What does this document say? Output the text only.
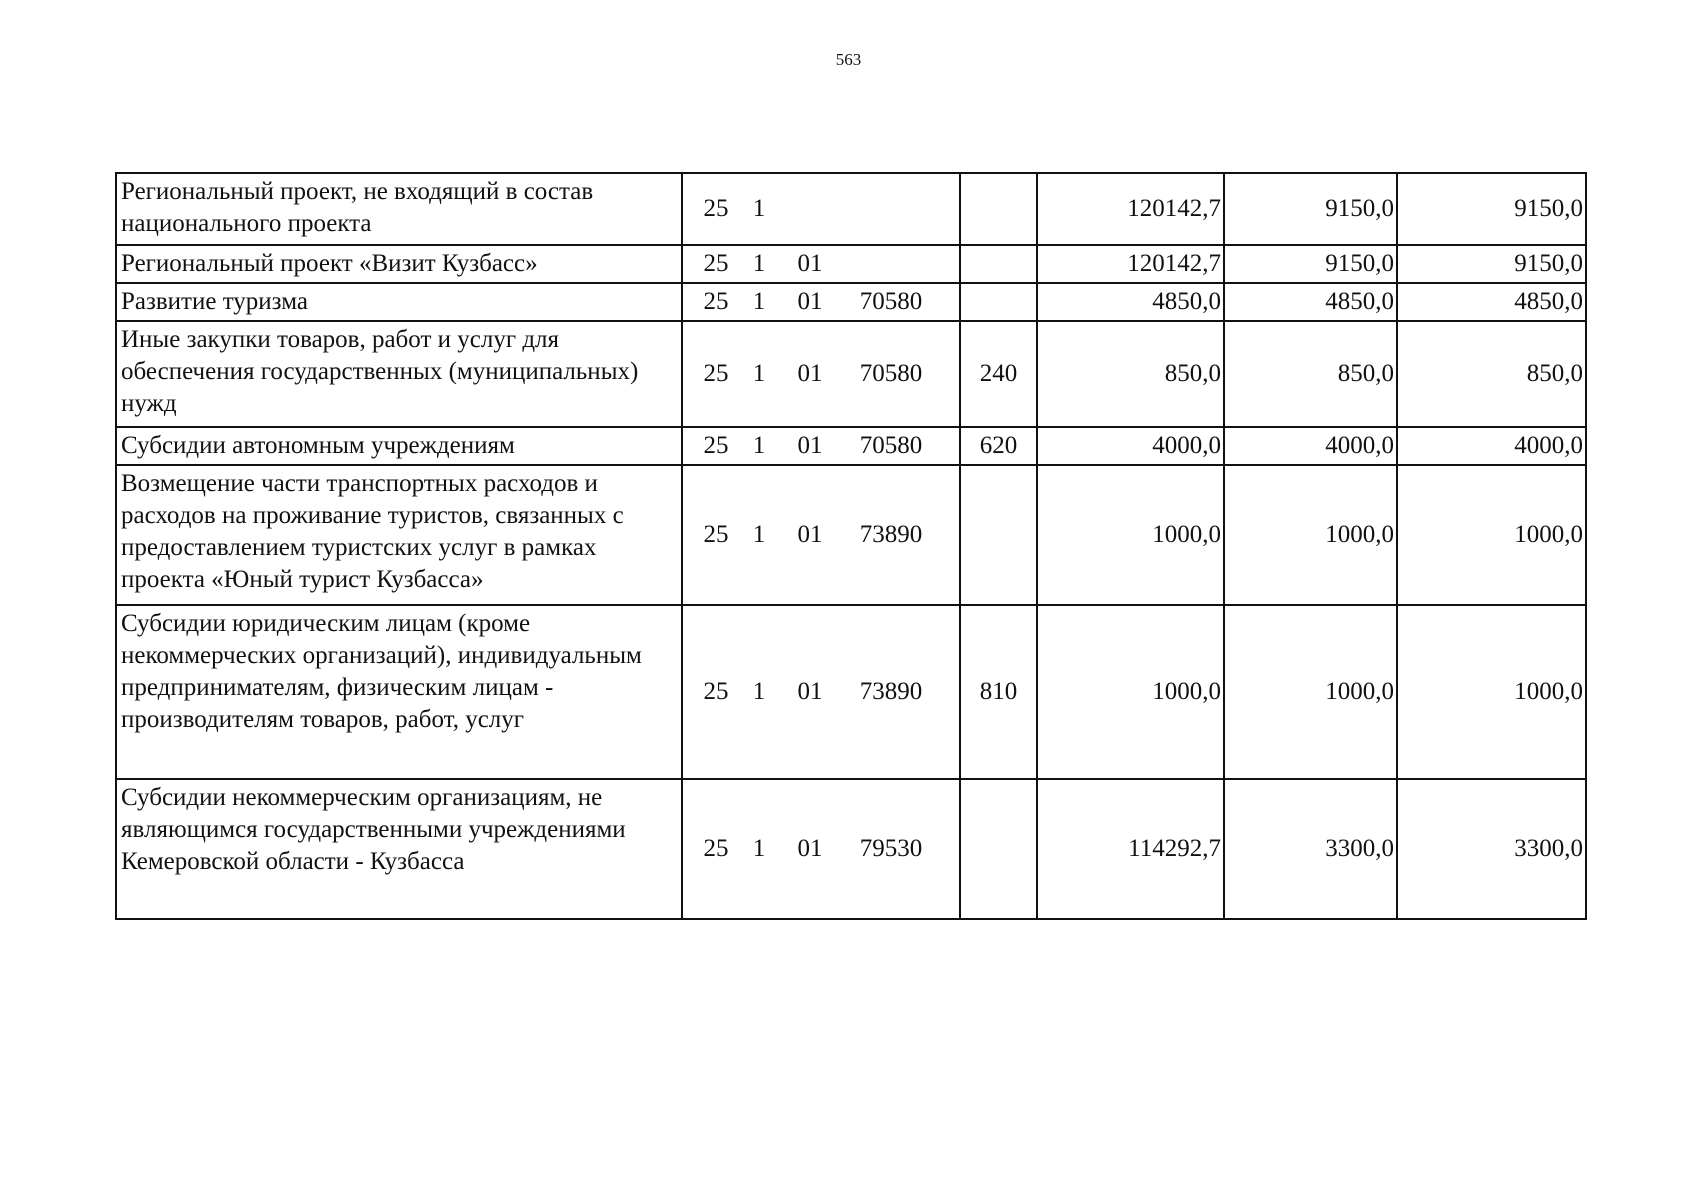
563
Региональный проект, не входящий в состав национального проекта	25 1		120142,7	9150,0	9150,0
Региональный проект «Визит Кузбасс»	25 1 01		120142,7	9150,0	9150,0
Развитие туризма	25 1 01 70580		4850,0	4850,0	4850,0
Иные закупки товаров, работ и услуг для обеспечения государственных (муниципальных) нужд	25 1 01 70580	240	850,0	850,0	850,0
Субсидии автономным учреждениям	25 1 01 70580	620	4000,0	4000,0	4000,0
Возмещение части транспортных расходов и расходов на проживание туристов, связанных с предоставлением туристских услуг в рамках проекта «Юный турист Кузбасса»	25 1 01 73890		1000,0	1000,0	1000,0
Субсидии юридическим лицам (кроме некоммерческих организаций), индивидуальным предпринимателям, физическим лицам - производителям товаров, работ, услуг	25 1 01 73890	810	1000,0	1000,0	1000,0
Субсидии некоммерческим организациям, не являющимся государственными учреждениями Кемеровской области - Кузбасса	25 1 01 79530		114292,7	3300,0	3300,0
